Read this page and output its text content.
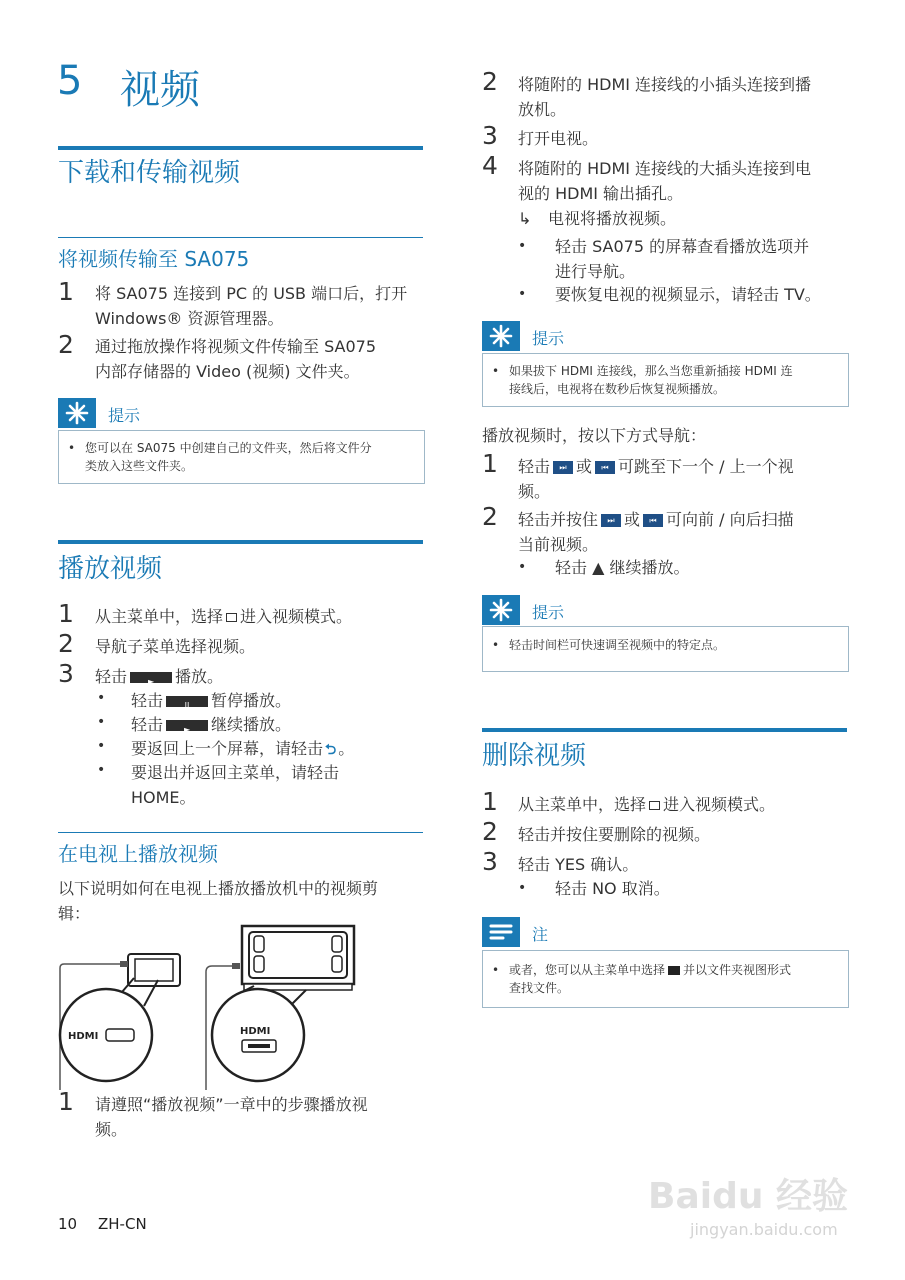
5 视频
下载和传输视频
将视频传输至 SA075
1 将 SA075 连接到 PC 的 USB 端口后，打开
Windows® 资源管理器。
2 通过拖放操作将视频文件传输至 SA075
内部存储器的 Video (视频) 文件夹。
提示
• 您可以在 SA075 中创建自己的文件夹，然后将文件分
类放入这些文件夹。
播放视频
1 从主菜单中，选择 进入视频模式。
2 导航子菜单选择视频。
3 轻击	►	播放。
• 轻击	II	暂停播放。
• 轻击	►	继续播放。
• 要返回上一个屏幕，请轻击 ⮌ 。
• 要退出并返回主菜单，请轻击
HOME。
在电视上播放视频
以下说明如何在电视上播放播放机中的视频剪
辑：
HDMI	HDMI
1 请遵照“播放视频”一章中的步骤播放视
频。
2 将随附的 HDMI 连接线的小插头连接到播
放机。
3 打开电视。
4 将随附的 HDMI 连接线的大插头连接到电
视的 HDMI 输出插孔。
↳ 电视将播放视频。
• 轻击 SA075 的屏幕查看播放选项并
进行导航。
• 要恢复电视的视频显示，请轻击 TV。
提示
• 如果拔下 HDMI 连接线，那么当您重新插接 HDMI 连
接线后，电视将在数秒后恢复视频播放。
播放视频时，按以下方式导航：
1 轻击 ⏭ 或 ⏮ 可跳至下一个 / 上一个视
频。
2 轻击并按住 ⏭ 或 ⏮ 可向前 / 向后扫描
当前视频。
• 轻击 ▲ 继续播放。
提示
• 轻击时间栏可快速调至视频中的特定点。
删除视频
1 从主菜单中，选择 进入视频模式。
2 轻击并按住要删除的视频。
3 轻击 YES 确认。
• 轻击 NO 取消。
注
• 或者，您可以从主菜单中选择 并以文件夹视图形式
查找文件。
10 ZH-CN
Baidu 经验
jingyan.baidu.com
